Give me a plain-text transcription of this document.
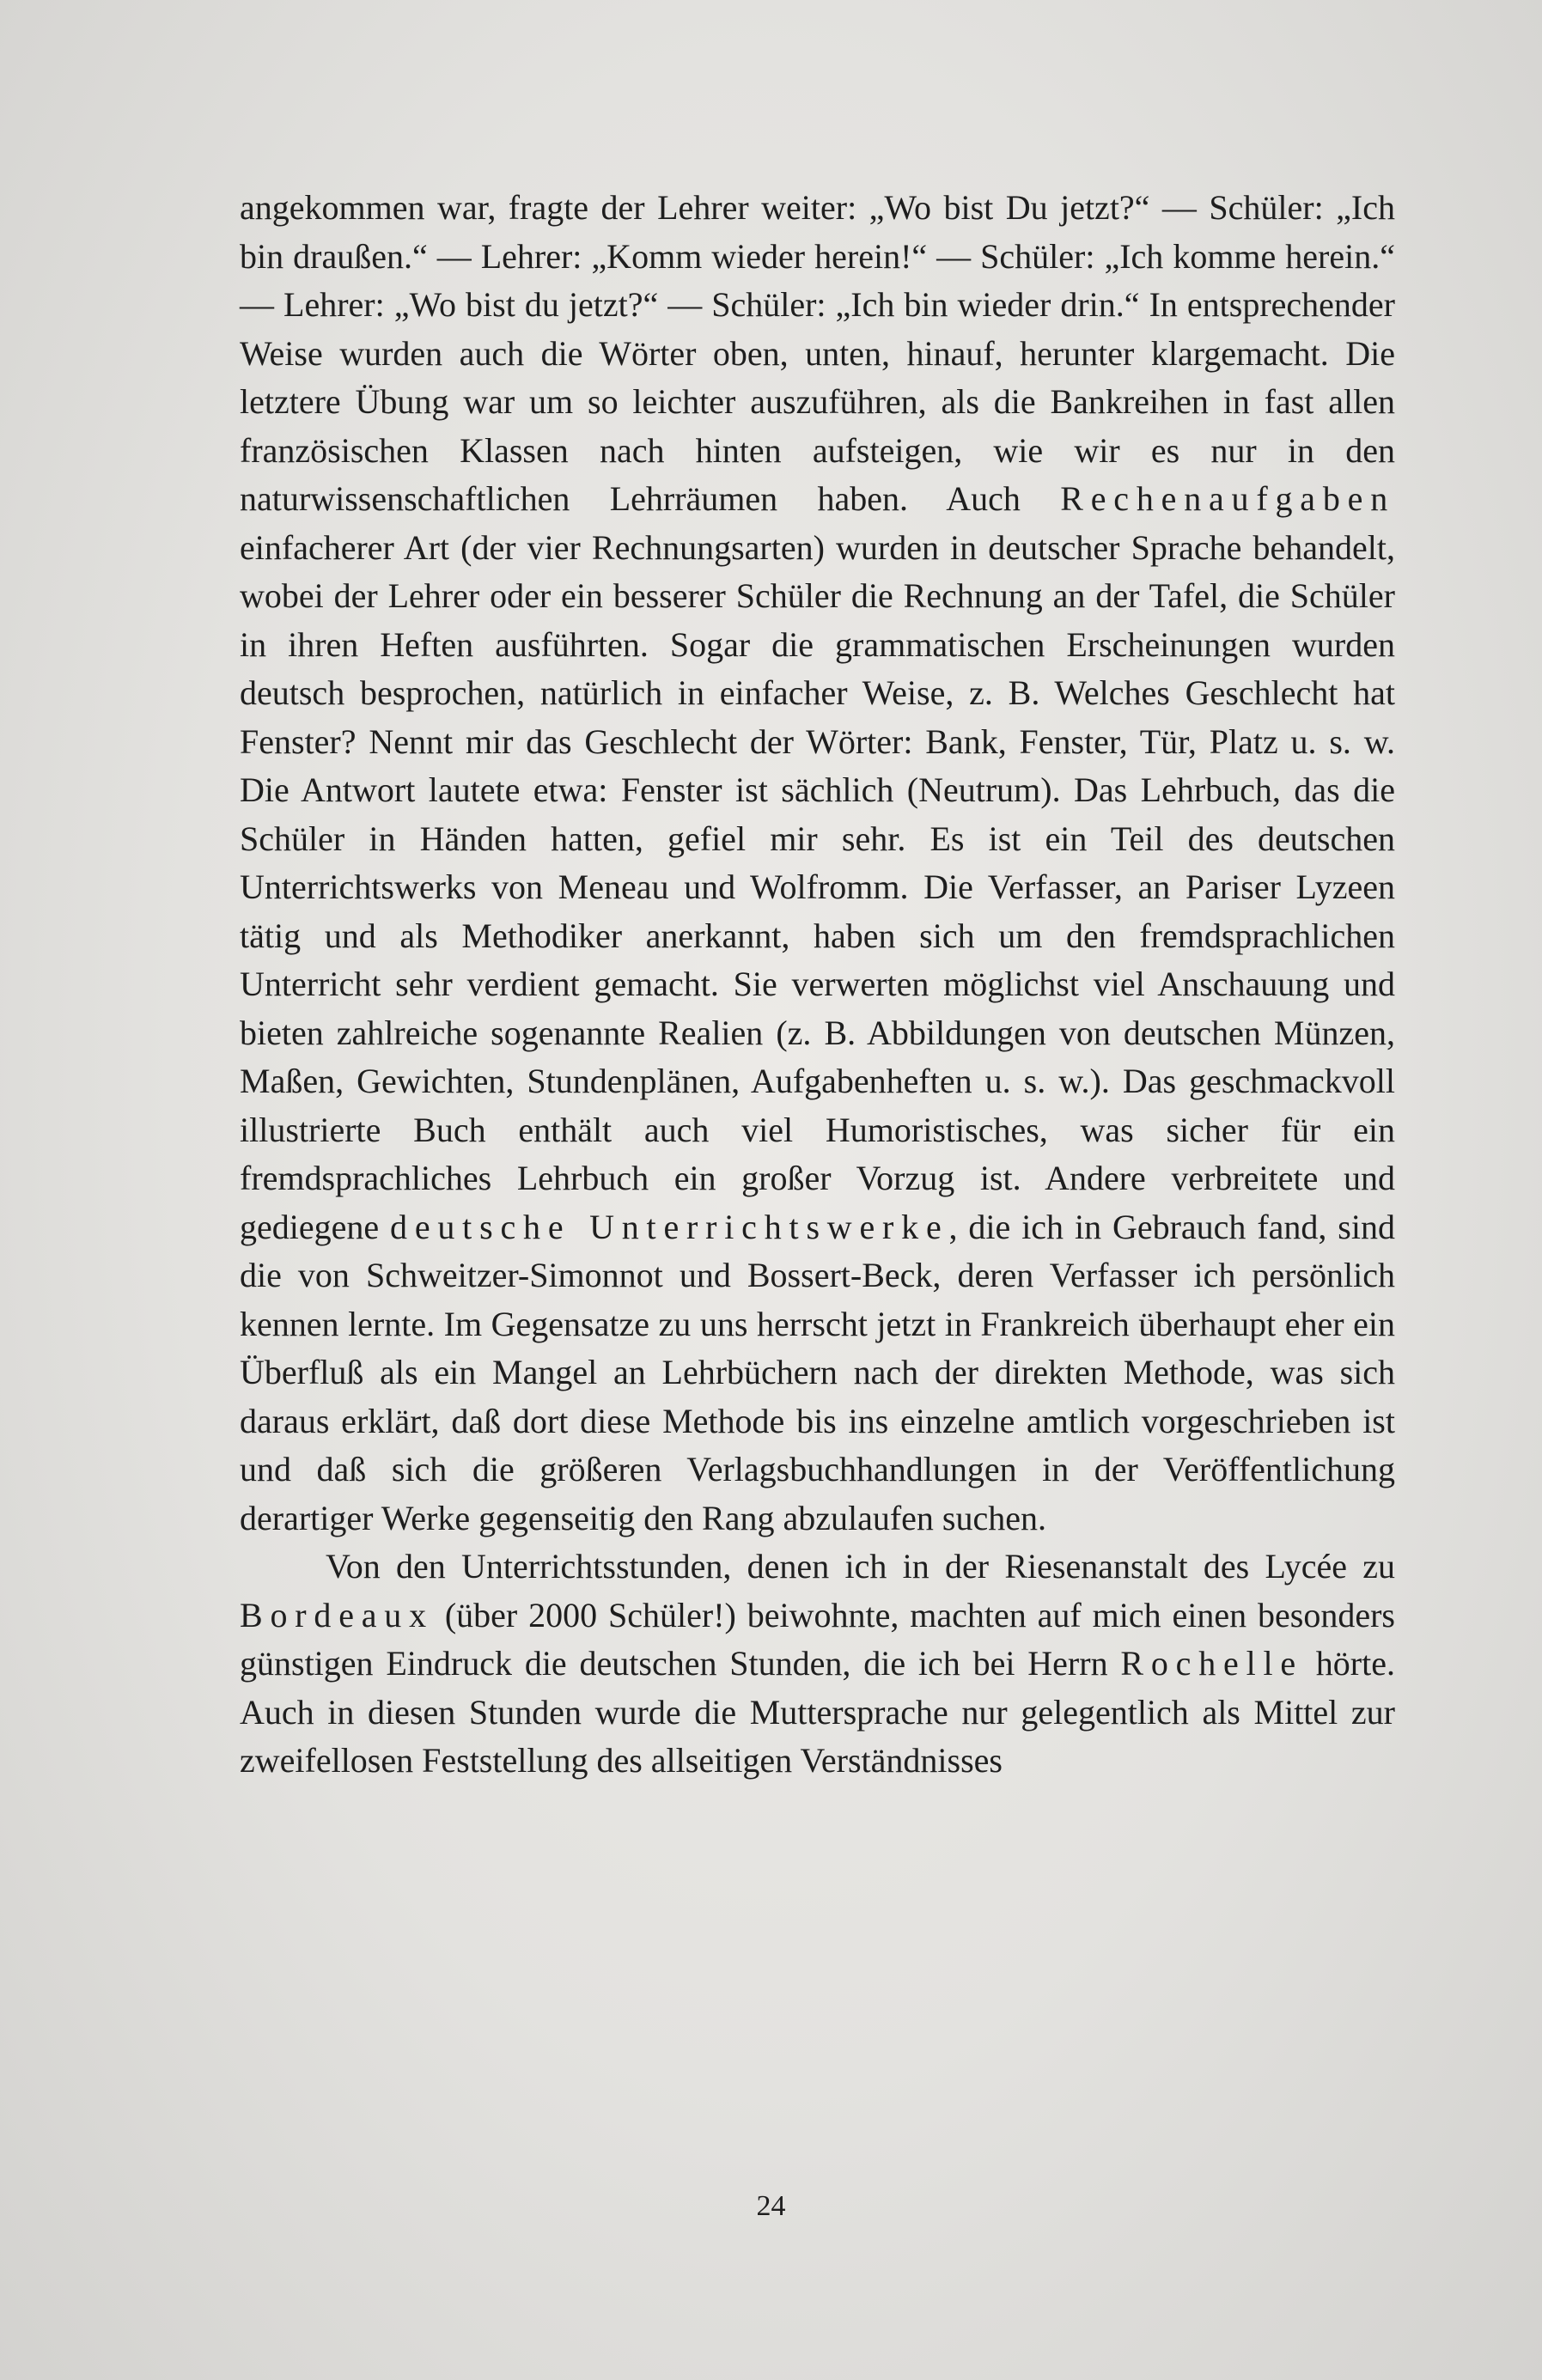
angekommen war, fragte der Lehrer weiter: „Wo bist Du jetzt?“ — Schüler: „Ich bin draußen.“ — Lehrer: „Komm wieder herein!“ — Schüler: „Ich komme herein.“ — Lehrer: „Wo bist du jetzt?“ — Schüler: „Ich bin wieder drin.“ In entsprechender Weise wurden auch die Wörter oben, unten, hinauf, herunter klargemacht. Die letztere Übung war um so leichter auszuführen, als die Bankreihen in fast allen französischen Klassen nach hinten aufsteigen, wie wir es nur in den naturwissenschaftlichen Lehrräumen haben. Auch Rechenaufgaben einfacherer Art (der vier Rechnungsarten) wurden in deutscher Sprache behandelt, wobei der Lehrer oder ein besserer Schüler die Rechnung an der Tafel, die Schüler in ihren Heften ausführten. Sogar die grammatischen Erscheinungen wurden deutsch besprochen, natürlich in einfacher Weise, z. B. Welches Geschlecht hat Fenster? Nennt mir das Geschlecht der Wörter: Bank, Fenster, Tür, Platz u. s. w. Die Antwort lautete etwa: Fenster ist sächlich (Neutrum). Das Lehrbuch, das die Schüler in Händen hatten, gefiel mir sehr. Es ist ein Teil des deutschen Unterrichtswerks von Meneau und Wolfromm. Die Verfasser, an Pariser Lyzeen tätig und als Methodiker anerkannt, haben sich um den fremdsprachlichen Unterricht sehr verdient gemacht. Sie verwerten möglichst viel Anschauung und bieten zahlreiche sogenannte Realien (z. B. Abbildungen von deutschen Münzen, Maßen, Gewichten, Stundenplänen, Aufgabenheften u. s. w.). Das geschmackvoll illustrierte Buch enthält auch viel Humoristisches, was sicher für ein fremdsprachliches Lehrbuch ein großer Vorzug ist. Andere verbreitete und gediegene deutsche Unterrichtswerke, die ich in Gebrauch fand, sind die von Schweitzer-Simonnot und Bossert-Beck, deren Verfasser ich persönlich kennen lernte. Im Gegensatze zu uns herrscht jetzt in Frankreich überhaupt eher ein Überfluß als ein Mangel an Lehrbüchern nach der direkten Methode, was sich daraus erklärt, daß dort diese Methode bis ins einzelne amtlich vorgeschrieben ist und daß sich die größeren Verlagsbuchhandlungen in der Veröffentlichung derartiger Werke gegenseitig den Rang abzulaufen suchen.

Von den Unterrichtsstunden, denen ich in der Riesenanstalt des Lycée zu Bordeaux (über 2000 Schüler!) beiwohnte, machten auf mich einen besonders günstigen Eindruck die deutschen Stunden, die ich bei Herrn Rochelle hörte. Auch in diesen Stunden wurde die Muttersprache nur gelegentlich als Mittel zur zweifellosen Feststellung des allseitigen Verständnisses

24
